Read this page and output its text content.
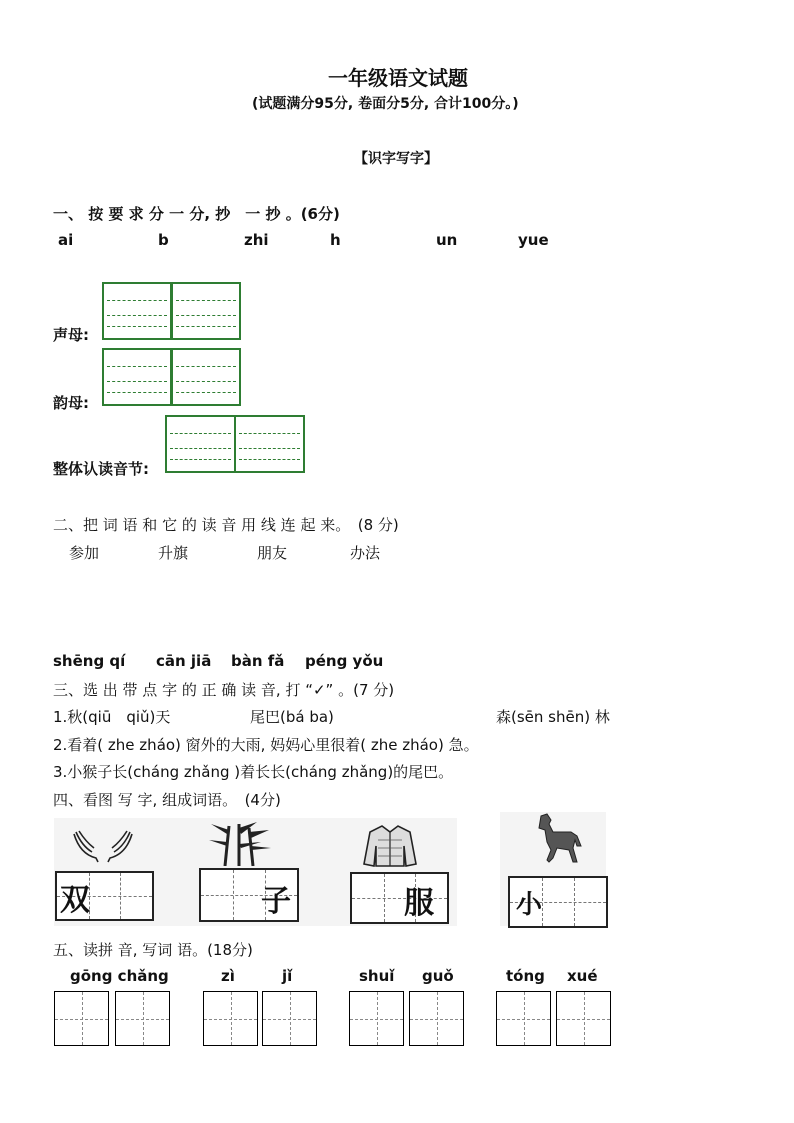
一年级语文试题
(试题满分95分, 卷面分5分, 合计100分。)
【识字写字】
一、 按 要 求 分 一 分, 抄　一 抄 。(6分)
ai	b	zhi	h	un	yue
声母:
韵母:
整体认读音节:
二、把 词 语 和 它 的 读 音 用 线 连 起 来。　(8 分)
参加	升旗	朋友	办法
shēng qí cān jiā bàn fǎ péng yǒu
三、选 出 带 点 字 的 正 确 读 音, 打 “✓” 。(7 分)
1.秋(qiū　qiǔ)天	尾巴(bá ba)	森(sēn shēn) 林
2.看着( zhe zháo) 窗外的大雨, 妈妈心里很着( zhe zháo) 急。
3.小猴子长(cháng zhǎng )着长长(cháng zhǎng)的尾巴。
四、看图 写 字, 组成词语。　(4分)
双	子	服	小
五、读拼 音, 写词 语。(18分)
gōng chǎng	zì	jǐ	shuǐ guǒ	tóng xué
